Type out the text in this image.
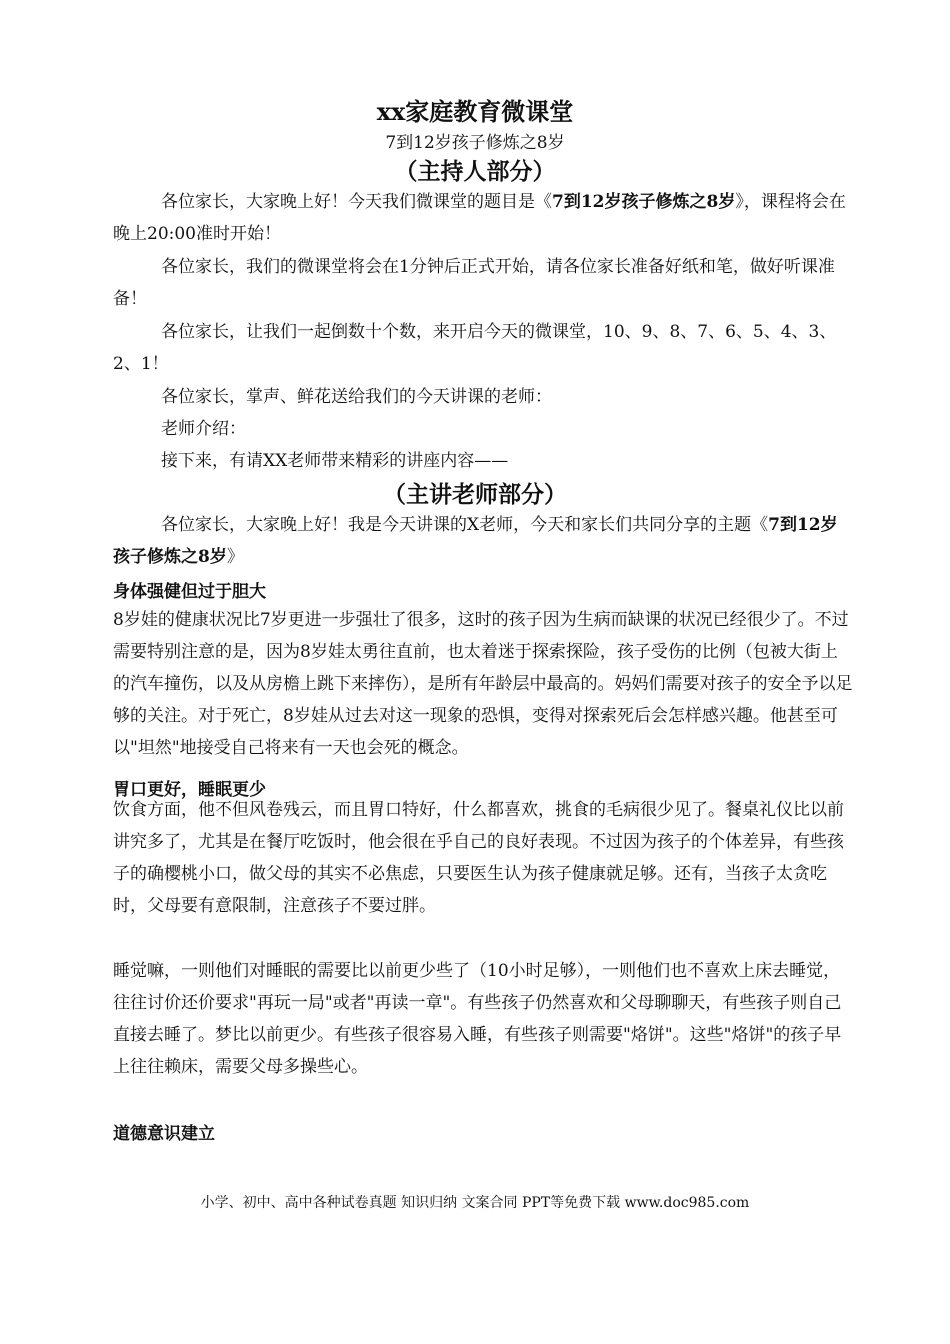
xx家庭教育微课堂
7到12岁孩子修炼之8岁
（主持人部分）

各位家长，大家晚上好！今天我们微课堂的题目是《7到12岁孩子修炼之8岁》，课程将会在晚上20:00准时开始！

各位家长，我们的微课堂将会在1分钟后正式开始，请各位家长准备好纸和笔，做好听课准备！

各位家长，让我们一起倒数十个数，来开启今天的微课堂，10、9、8、7、6、5、4、3、2、1！

各位家长，掌声、鲜花送给我们的今天讲课的老师：

老师介绍：

接下来，有请XX老师带来精彩的讲座内容——

（主讲老师部分）

各位家长，大家晚上好！我是今天讲课的X老师，今天和家长们共同分享的主题《7到12岁孩子修炼之8岁》

身体强健但过于胆大

8岁娃的健康状况比7岁更进一步强壮了很多，这时的孩子因为生病而缺课的状况已经很少了。不过需要特别注意的是，因为8岁娃太勇往直前，也太着迷于探索探险，孩子受伤的比例（包被大街上的汽车撞伤，以及从房檐上跳下来摔伤），是所有年龄层中最高的。妈妈们需要对孩子的安全予以足够的关注。对于死亡，8岁娃从过去对这一现象的恐惧，变得对探索死后会怎样感兴趣。他甚至可以"坦然"地接受自己将来有一天也会死的概念。

胃口更好，睡眠更少

饮食方面，他不但风卷残云，而且胃口特好，什么都喜欢，挑食的毛病很少见了。餐桌礼仪比以前讲究多了，尤其是在餐厅吃饭时，他会很在乎自己的良好表现。不过因为孩子的个体差异，有些孩子的确樱桃小口，做父母的其实不必焦虑，只要医生认为孩子健康就足够。还有，当孩子太贪吃时，父母要有意限制，注意孩子不要过胖。

睡觉嘛，一则他们对睡眠的需要比以前更少些了（10小时足够），一则他们也不喜欢上床去睡觉，往往讨价还价要求"再玩一局"或者"再读一章"。有些孩子仍然喜欢和父母聊聊天，有些孩子则自己直接去睡了。梦比以前更少。有些孩子很容易入睡，有些孩子则需要"烙饼"。这些"烙饼"的孩子早上往往赖床，需要父母多操些心。

道德意识建立
小学、初中、高中各种试卷真题 知识归纳 文案合同 PPT等免费下载 www.doc985.com
